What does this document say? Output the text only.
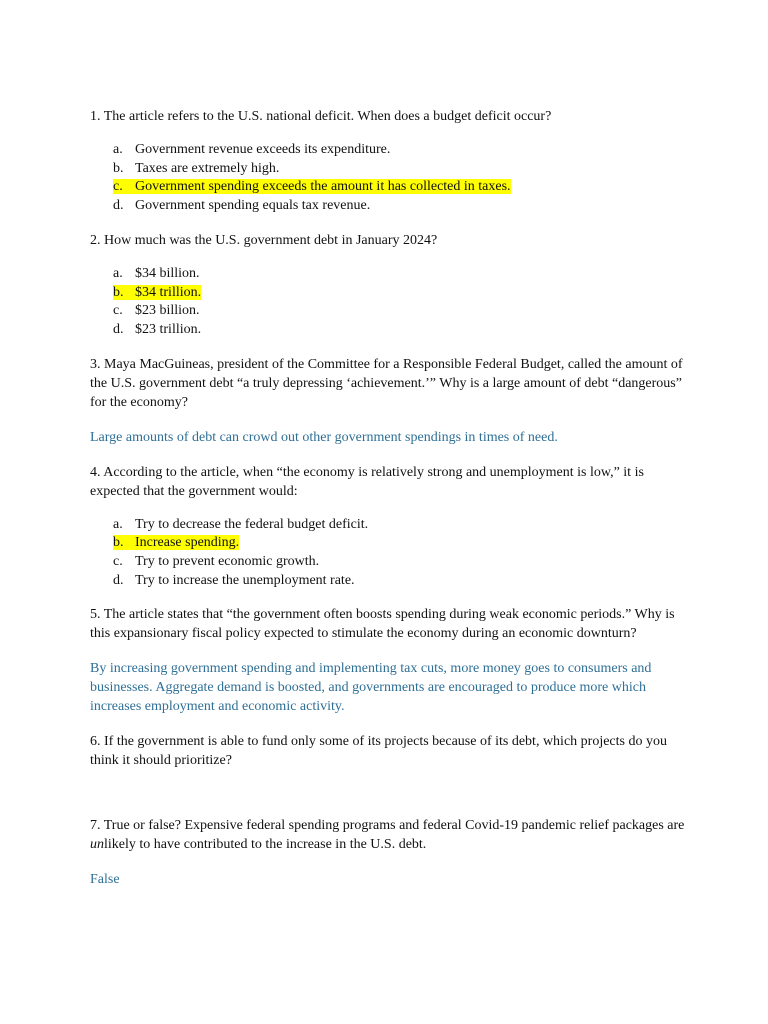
1. The article refers to the U.S. national deficit. When does a budget deficit occur?

a. Government revenue exceeds its expenditure.
b. Taxes are extremely high.
c. Government spending exceeds the amount it has collected in taxes.
d. Government spending equals tax revenue.

2. How much was the U.S. government debt in January 2024?

a. $34 billion.
b. $34 trillion.
c. $23 billion.
d. $23 trillion.

3. Maya MacGuineas, president of the Committee for a Responsible Federal Budget, called the amount of the U.S. government debt “a truly depressing ‘achievement.’” Why is a large amount of debt “dangerous” for the economy?

Large amounts of debt can crowd out other government spendings in times of need.

4. According to the article, when “the economy is relatively strong and unemployment is low,” it is expected that the government would:

a. Try to decrease the federal budget deficit.
b. Increase spending.
c. Try to prevent economic growth.
d. Try to increase the unemployment rate.

5. The article states that “the government often boosts spending during weak economic periods.” Why is this expansionary fiscal policy expected to stimulate the economy during an economic downturn?

By increasing government spending and implementing tax cuts, more money goes to consumers and businesses. Aggregate demand is boosted, and governments are encouraged to produce more which increases employment and economic activity.

6. If the government is able to fund only some of its projects because of its debt, which projects do you think it should prioritize?

7. True or false? Expensive federal spending programs and federal Covid-19 pandemic relief packages are unlikely to have contributed to the increase in the U.S. debt.

False
